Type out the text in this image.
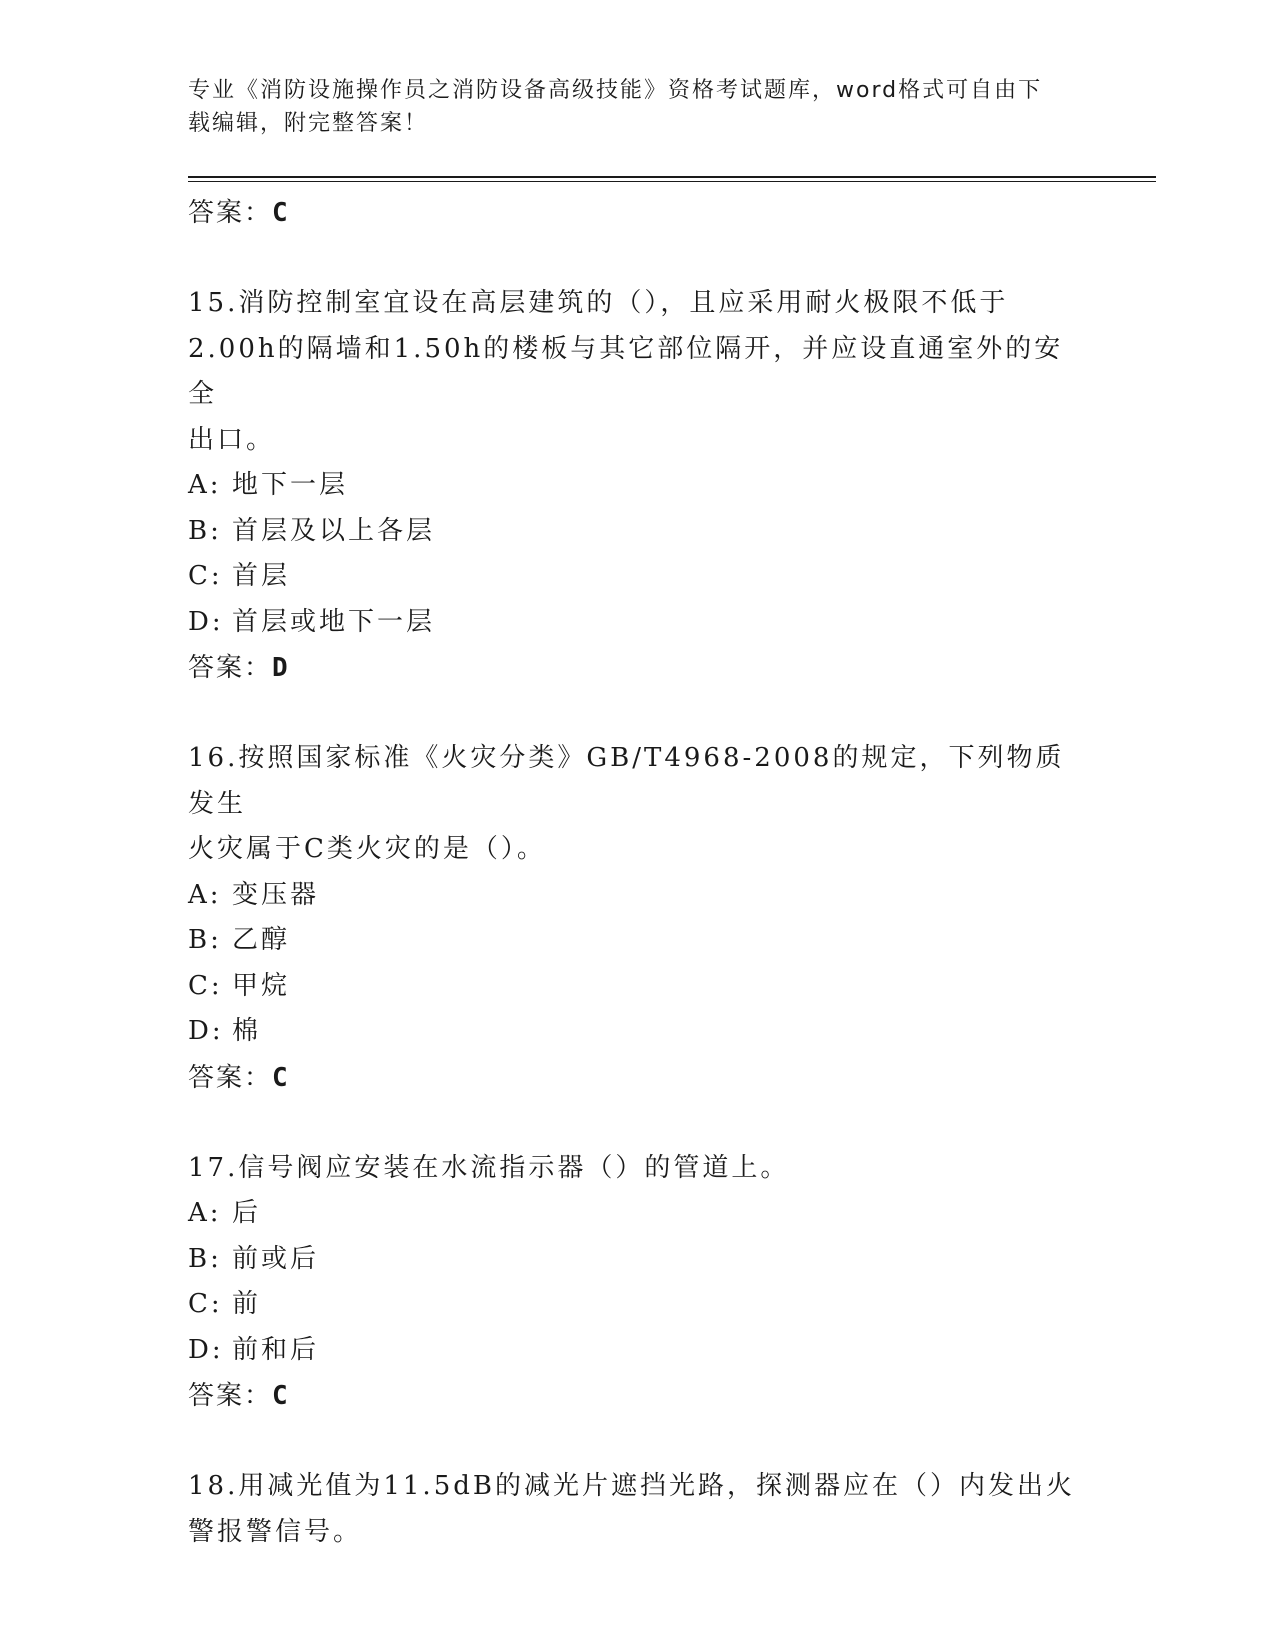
专业《消防设施操作员之消防设备高级技能》资格考试题库，word格式可自由下
载编辑，附完整答案！
答案：C
15.消防控制室宜设在高层建筑的（），且应采用耐火极限不低于
2.00h的隔墙和1.50h的楼板与其它部位隔开，并应设直通室外的安全
出口。
A: 地下一层
B: 首层及以上各层
C: 首层
D: 首层或地下一层
答案：D
16.按照国家标准《火灾分类》GB/T4968-2008的规定，下列物质发生
火灾属于C类火灾的是（）。
A: 变压器
B: 乙醇
C: 甲烷
D: 棉
答案：C
17.信号阀应安装在水流指示器（）的管道上。
A: 后
B: 前或后
C: 前
D: 前和后
答案：C
18.用减光值为11.5dB的减光片遮挡光路，探测器应在（）内发出火
警报警信号。
